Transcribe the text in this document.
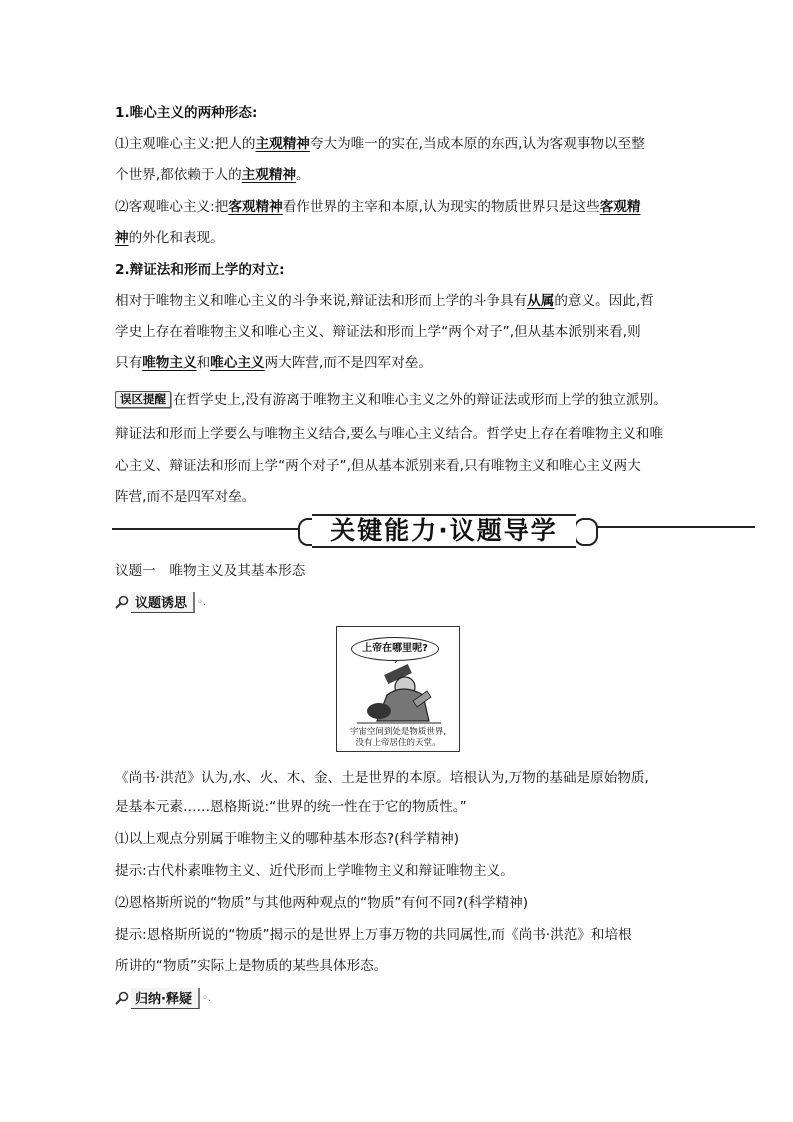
1.唯心主义的两种形态:
⑴主观唯心主义:把人的主观精神夸大为唯一的实在,当成本原的东西,认为客观事物以至整
个世界,都依赖于人的主观精神。
⑵客观唯心主义:把客观精神看作世界的主宰和本原,认为现实的物质世界只是这些客观精
神的外化和表现。
2.辩证法和形而上学的对立:
相对于唯物主义和唯心主义的斗争来说,辩证法和形而上学的斗争具有从属的意义。因此,哲
学史上存在着唯物主义和唯心主义、辩证法和形而上学“两个对子”,但从基本派别来看,则
只有唯物主义和唯心主义两大阵营,而不是四军对垒。
误区提醒 在哲学史上,没有游离于唯物主义和唯心主义之外的辩证法或形而上学的独立派别。
辩证法和形而上学要么与唯物主义结合,要么与唯心主义结合。哲学史上存在着唯物主义和唯
心主义、辩证法和形而上学“两个对子”,但从基本派别来看,只有唯物主义和唯心主义两大
阵营,而不是四军对垒。
关键能力·议题导学
议题一　唯物主义及其基本形态
议题诱思	◦.
上帝在哪里呢?
宇宙空间到处是物质世界,
没有上帝居住的天堂。
《尚书·洪范》认为,水、火、木、金、土是世界的本原。培根认为,万物的基础是原始物质,
是基本元素……恩格斯说:“世界的统一性在于它的物质性。”
⑴以上观点分别属于唯物主义的哪种基本形态?(科学精神)
提示:古代朴素唯物主义、近代形而上学唯物主义和辩证唯物主义。
⑵恩格斯所说的“物质”与其他两种观点的“物质”有何不同?(科学精神)
提示:恩格斯所说的“物质”揭示的是世界上万事万物的共同属性,而《尚书·洪范》和培根
所讲的“物质”实际上是物质的某些具体形态。
归纳·释疑	◦.
